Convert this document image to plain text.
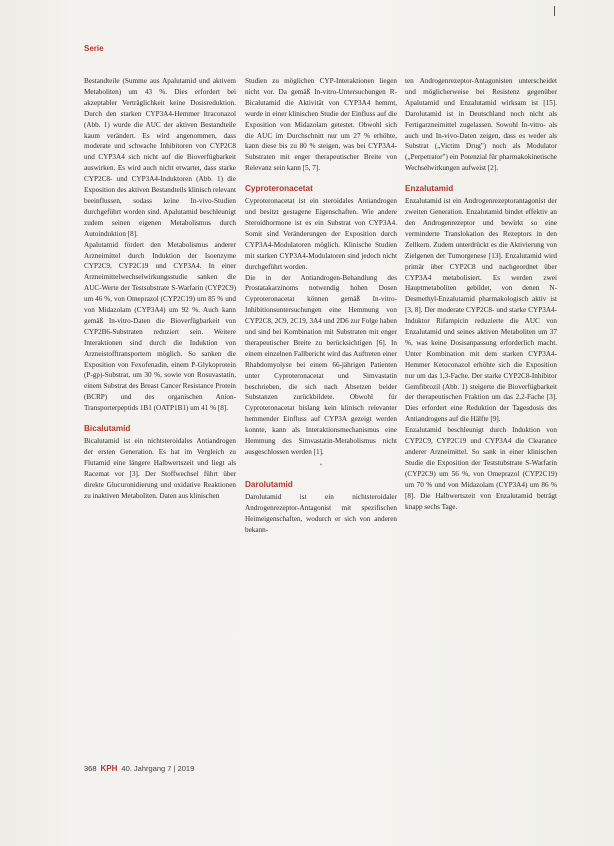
Serie

Bestandteile (Summe aus Apalutamid und aktivem Metaboliten) um 43 %. Dies erfordert bei akzeptabler Verträglichkeit keine Dosisreduktion. Durch den starken CYP3A4-Hemmer Itraconazol (Abb. 1) wurde die AUC der aktiven Bestandteile kaum verändert. Es wird angenommen, dass moderate und schwache Inhibitoren von CYP2C8 und CYP3A4 sich nicht auf die Bioverfügbarkeit auswirken. Es wird auch nicht erwartet, dass starke CYP2C8- und CYP3A4-Induktoren (Abb. 1) die Exposition des aktiven Bestandteils klinisch relevant beeinflussen, sodass keine In-vivo-Studien durchgeführt worden sind. Apalutamid beschleunigt zudem seinen eigenen Metabolismus durch Autoinduktion [8].

Apalutamid fördert den Metabolismus anderer Arzneimittel durch Induktion der Isoenzyme CYP2C9, CYP2C19 und CYP3A4. In einer Arzneimittelwechselwirkungsstudie sanken die AUC-Werte der Testsubstrate S-Warfarin (CYP2C9) um 46 %, von Omeprazol (CYP2C19) um 85 % und von Midazolam (CYP3A4) um 92 %. Auch kann gemäß In-vitro-Daten die Bioverfügbarkeit von CYP2B6-Substraten reduziert sein. Weitere Interaktionen sind durch die Induktion von Arzneistofftransportern möglich. So sanken die Exposition von Fexofenadin, einem P-Glykoprotein (P-gp)-Substrat, um 30 %, sowie von Rosuvastatin, einem Substrat des Breast Cancer Resistance Protein (BCRP) und des organischen Anion-Transporterpeptids 1B1 (OATP1B1) um 41 % [8].

Bicalutamid

Bicalutamid ist ein nichtsteroidales Antiandrogen der ersten Generation. Es hat im Vergleich zu Flutamid eine längere Halbwertszeit und liegt als Racemat vor [3]. Der Stoffwechsel führt über direkte Glucuronidierung und oxidative Reaktionen zu inaktiven Metaboliten. Daten aus klinischen

Studien zu möglichen CYP-Interaktionen liegen nicht vor. Da gemäß In-vitro-Untersuchungen R-Bicalutamid die Aktivität von CYP3A4 hemmt, wurde in einer klinischen Studie der Einfluss auf die Exposition von Midazolam getestet. Obwohl sich die AUC im Durchschnitt nur um 27 % erhöhte, kann diese bis zu 80 % steigen, was bei CYP3A4-Substraten mit enger therapeutischer Breite von Relevanz sein kann [5, 7].

Cyproteronacetat

Cyproteronacetat ist ein steroidales Antiandrogen und besitzt gestagene Eigenschaften. Wie andere Steroidhormone ist es ein Substrat von CYP3A4. Somit sind Veränderungen der Exposition durch CYP3A4-Modulatoren möglich. Klinische Studien mit starken CYP3A4-Modulatoren sind jedoch nicht durchgeführt worden.

Die in der Antiandrogen-Behandlung des Prostatakarzinoms notwendig hohen Dosen Cyproteronacetat können gemäß In-vitro-Inhibitionsuntersuchungen eine Hemmung von CYP2C8, 2C9, 2C19, 3A4 und 2D6 zur Folge haben und sind bei Kombination mit Substraten mit enger therapeutischer Breite zu berücksichtigen [6]. In einem einzelnen Fallbericht wird das Auftreten einer Rhabdomyolyse bei einem 66-jährigen Patienten unter Cyproteronacetat und Simvastatin beschrieben, die sich nach Absetzen beider Substanzen zurückbildete. Obwohl für Cyproteronacetat bislang kein klinisch relevanter hemmender Einfluss auf CYP3A gezeigt werden konnte, kann als Interaktionsmechanismus eine Hemmung des Simvastatin-Metabolismus nicht ausgeschlossen werden [1].

•
Darolutamid

Darolutamid ist ein nichtsteroidaler Androgenrezeptor-Antagonist mit spezifischen Heimeigenschaften, wodurch er sich von anderen bekann-

ten Androgenrezeptor-Antagonisten unterscheidet und möglicherweise bei Resistenz gegenüber Apalutamid und Enzalutamid wirksam ist [15]. Darolutamid ist in Deutschland noch nicht als Fertigarzneimittel zugelassen. Sowohl In-vitro- als auch und In-vivo-Daten zeigen, dass es weder als Substrat („Victim Drug") noch als Modulator („Perpetrator") ein Potenzial für pharmakokinetische Wechselwirkungen aufweist [2].

Enzalutamid

Enzalutamid ist ein Androgenrezeptorantagonist der zweiten Generation. Enzalutamid bindet effektiv an den Androgenrezeptor und bewirkt so eine verminderte Translokation des Rezeptors in den Zellkern. Zudem unterdrückt es die Aktivierung von Zielgenen der Tumorgenese [13]. Enzalutamid wird primär über CYP2C8 und nachgeordnet über CYP3A4 metabolisiert. Es werden zwei Hauptmetaboliten gebildet, von denen N-Desmethyl-Enzalutamid pharmakologisch aktiv ist [3, 8]. Der moderate CYP2C8- und starke CYP3A4-Induktor Rifampicin reduzierte die AUC von Enzalutamid und seines aktiven Metaboliten um 37 %, was keine Dosisanpassung erforderlich macht. Unter Kombination mit dem starken CYP3A4-Hemmer Ketoconazol erhöhte sich die Exposition nur um das 1,3-Fache. Der starke CYP2C8-Inhibitor Gemfibrozil (Abb. 1) steigerte die Bioverfügbarkeit der therapeutischen Fraktion um das 2,2-Fache [3]. Dies erfordert eine Reduktion der Tagesdosis des Antiandrogens auf die Hälfte [9].

Enzalutamid beschleunigt durch Induktion von CYP2C9, CYP2C19 und CYP3A4 die Clearance anderer Arzneimittel. So sank in einer klinischen Studie die Exposition der Teststubstrate S-Warfarin (CYP2C9) um 56 %, von Omeprazol (CYP2C19) um 70 % und von Midazolam (CYP3A4) um 86 % [8]. Die Halbwertszeit von Enzalutamid beträgt knapp sechs Tage.

368 KPH 40. Jahrgang 7 | 2019
